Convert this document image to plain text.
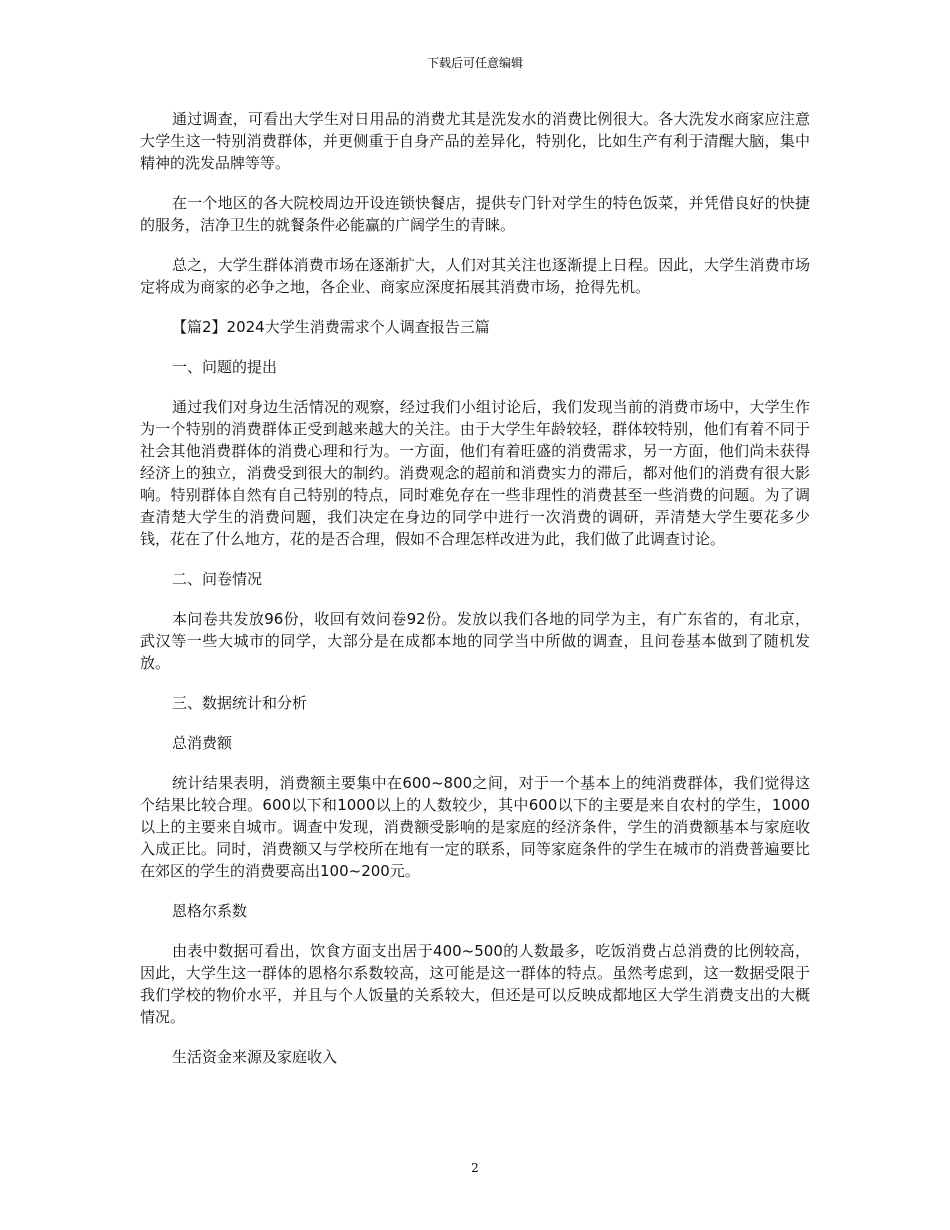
下载后可任意编辑

通过调查，可看出大学生对日用品的消费尤其是洗发水的消费比例很大。各大洗发水商家应注意大学生这一特别消费群体，并更侧重于自身产品的差异化，特别化，比如生产有利于清醒大脑，集中精神的洗发品牌等等。

在一个地区的各大院校周边开设连锁快餐店，提供专门针对学生的特色饭菜，并凭借良好的快捷的服务，洁净卫生的就餐条件必能赢的广阔学生的青睐。

总之，大学生群体消费市场在逐渐扩大，人们对其关注也逐渐提上日程。因此，大学生消费市场定将成为商家的必争之地，各企业、商家应深度拓展其消费市场，抢得先机。

【篇2】2024大学生消费需求个人调查报告三篇

一、问题的提出

通过我们对身边生活情况的观察，经过我们小组讨论后，我们发现当前的消费市场中，大学生作为一个特别的消费群体正受到越来越大的关注。由于大学生年龄较轻，群体较特别，他们有着不同于社会其他消费群体的消费心理和行为。一方面，他们有着旺盛的消费需求，另一方面，他们尚未获得经济上的独立，消费受到很大的制约。消费观念的超前和消费实力的滞后，都对他们的消费有很大影响。特别群体自然有自己特别的特点，同时难免存在一些非理性的消费甚至一些消费的问题。为了调查清楚大学生的消费问题，我们决定在身边的同学中进行一次消费的调研，弄清楚大学生要花多少钱，花在了什么地方，花的是否合理，假如不合理怎样改进为此，我们做了此调查讨论。

二、问卷情况

本问卷共发放96份，收回有效问卷92份。发放以我们各地的同学为主，有广东省的，有北京，武汉等一些大城市的同学，大部分是在成都本地的同学当中所做的调查，且问卷基本做到了随机发放。

三、数据统计和分析

总消费额

统计结果表明，消费额主要集中在600~800之间，对于一个基本上的纯消费群体，我们觉得这个结果比较合理。600以下和1000以上的人数较少，其中600以下的主要是来自农村的学生，1000以上的主要来自城市。调查中发现，消费额受影响的是家庭的经济条件，学生的消费额基本与家庭收入成正比。同时，消费额又与学校所在地有一定的联系，同等家庭条件的学生在城市的消费普遍要比在郊区的学生的消费要高出100~200元。

恩格尔系数

由表中数据可看出，饮食方面支出居于400~500的人数最多，吃饭消费占总消费的比例较高，因此，大学生这一群体的恩格尔系数较高，这可能是这一群体的特点。虽然考虑到，这一数据受限于我们学校的物价水平，并且与个人饭量的关系较大，但还是可以反映成都地区大学生消费支出的大概情况。

生活资金来源及家庭收入

2
